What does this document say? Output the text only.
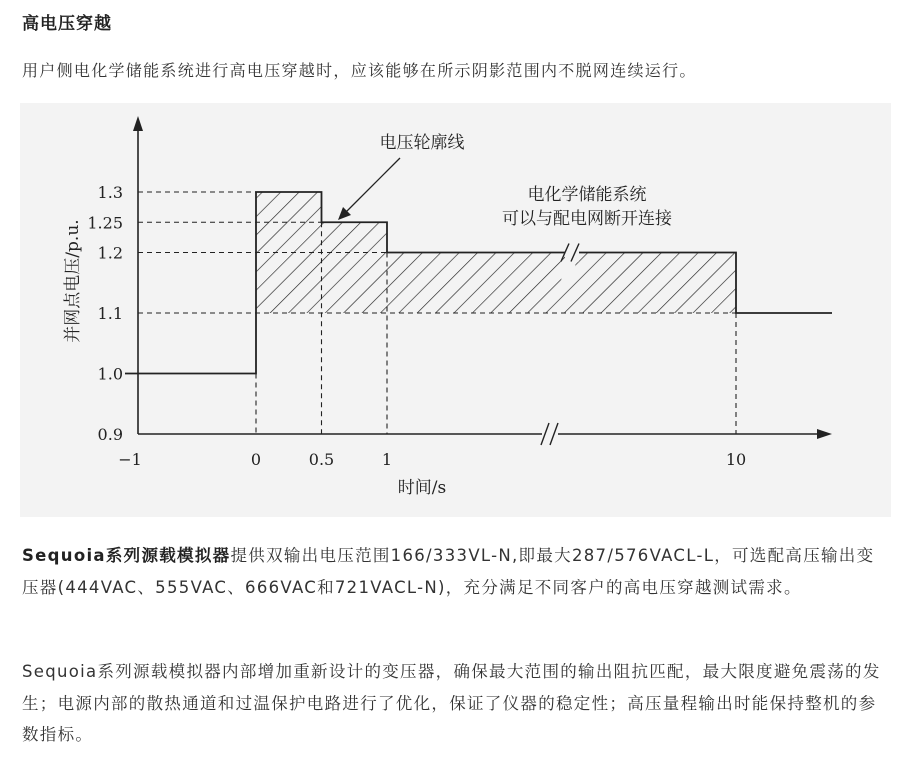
高电压穿越
用户侧电化学储能系统进行高电压穿越时，应该能够在所示阴影范围内不脱网连续运行。
0.9
1.0
1.1
1.2
1.25
1.3
−1	0	0.5	1	10
时间/s
并网点电压/p.u.
电压轮廓线
电化学储能系统
可以与配电网断开连接

Sequoia系列源载模拟器提供双输出电压范围166/333VL-N,即最大287/576VACL-L，可选配高压输出变压器(444VAC、555VAC、666VAC和721VACL-N)，充分满足不同客户的高电压穿越测试需求。

Sequoia系列源载模拟器内部增加重新设计的变压器，确保最大范围的输出阻抗匹配，最大限度避免震荡的发生；电源内部的散热通道和过温保护电路进行了优化，保证了仪器的稳定性；高压量程输出时能保持整机的参数指标。
